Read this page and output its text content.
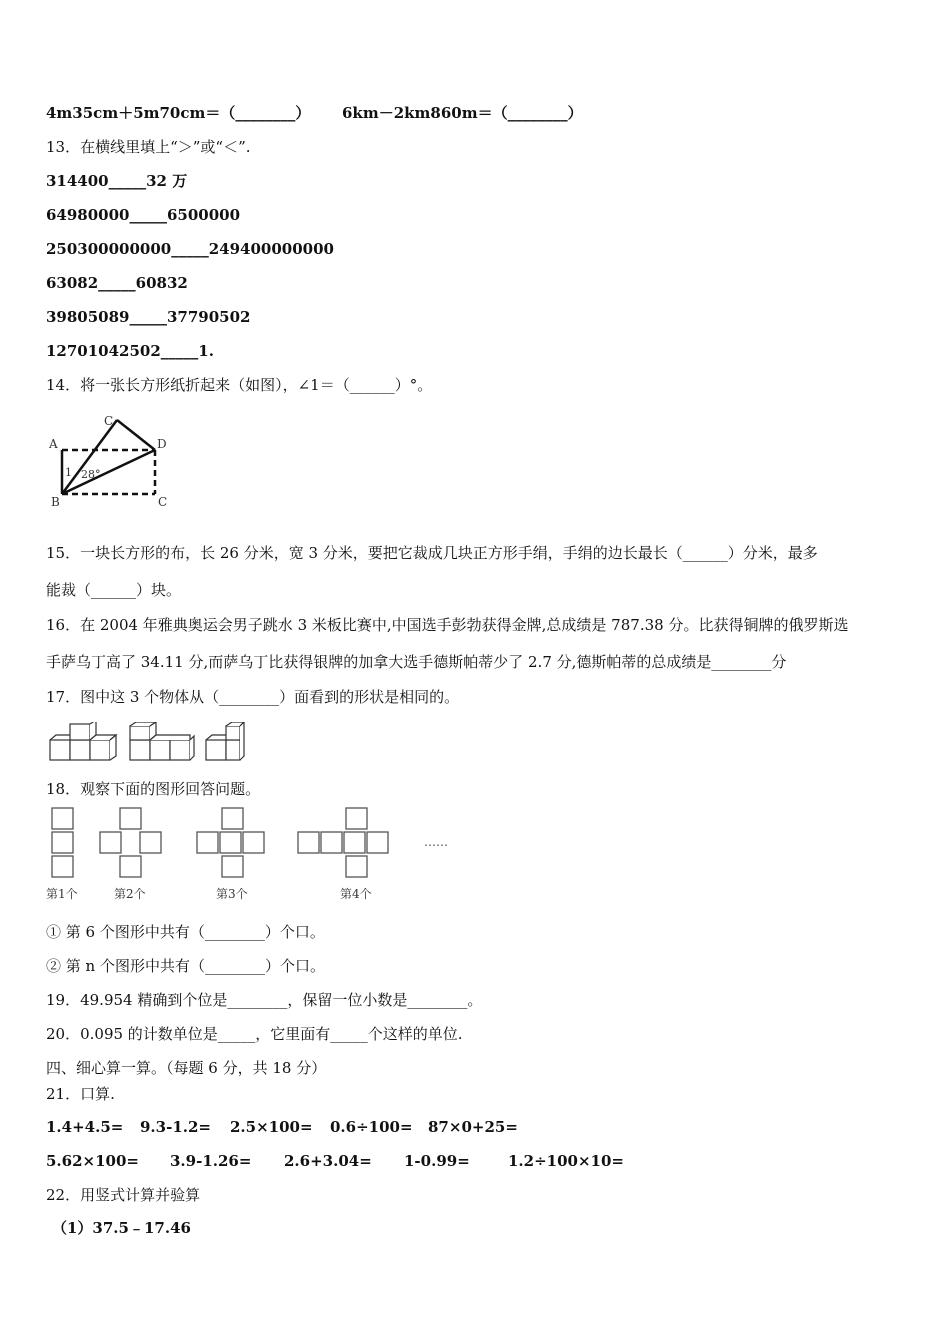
4m35cm＋5m70cm＝（________） 6km－2km860m＝（________）
13．在横线里填上“＞”或“＜”.
314400_____32 万
64980000_____6500000
250300000000_____249400000000
63082_____60832
39805089_____37790502
12701042502_____1.
14．将一张长方形纸折起来（如图），∠1＝（______）°。
A
B
C
C
D
1 28°
15．一块长方形的布，长 26 分米，宽 3 分米，要把它裁成几块正方形手绢，手绢的边长最长（______）分米，最多
能裁（______）块。
16．在 2004 年雅典奥运会男子跳水 3 米板比赛中,中国选手彭勃获得金牌,总成绩是 787.38 分。比获得铜牌的俄罗斯选
手萨乌丁高了 34.11 分,而萨乌丁比获得银牌的加拿大选手德斯帕蒂少了 2.7 分,德斯帕蒂的总成绩是________分
17．图中这 3 个物体从（________）面看到的形状是相同的。
18．观察下面的图形回答问题。
……
第1个	第2个	第3个	第4个
① 第 6 个图形中共有（________）个口。
② 第 n 个图形中共有（________）个口。
19．49.954 精确到个位是________，保留一位小数是________。
20．0.095 的计数单位是_____，它里面有_____个这样的单位.
四、细心算一算。（每题 6 分，共 18 分）
21．口算.
1.4+4.5= 9.3-1.2= 2.5×100= 0.6÷100= 87×0+25=
5.62×100= 3.9-1.26= 2.6+3.04= 1-0.99=	1.2÷100×10=
22．用竖式计算并验算
（1）37.5﹣17.46
